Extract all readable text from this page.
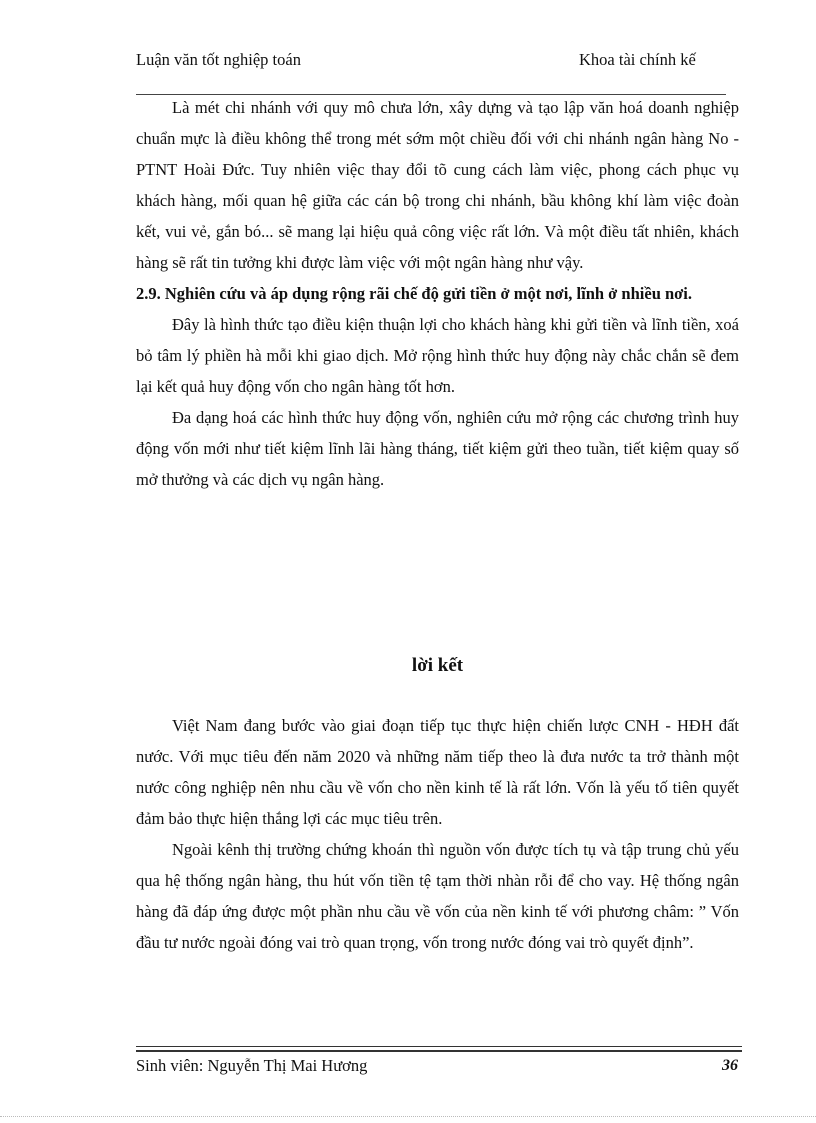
Luận văn tốt nghiệp toán	Khoa tài chính kế

Là mét chi nhánh với quy mô chưa lớn, xây dựng và tạo lập văn hoá doanh nghiệp chuẩn mực là điều không thể trong mét sớm một chiều đối với chi nhánh ngân hàng No - PTNT Hoài Đức. Tuy nhiên việc thay đổi tõ cung cách làm việc, phong cách phục vụ khách hàng, mối quan hệ giữa các cán bộ trong chi nhánh, bầu không khí làm việc đoàn kết, vui vẻ, gắn bó... sẽ mang lại hiệu quả công việc rất lớn. Và một điều tất nhiên, khách hàng sẽ rất tin tưởng khi được làm việc với một ngân hàng như vậy.

2.9. Nghiên cứu và áp dụng rộng rãi chế độ gửi tiền ở một nơi, lĩnh ở nhiều nơi.

Đây là hình thức tạo điều kiện thuận lợi cho khách hàng khi gửi tiền và lĩnh tiền, xoá bỏ tâm lý phiền hà mỗi khi giao dịch. Mở rộng hình thức huy động này chắc chắn sẽ đem lại kết quả huy động vốn cho ngân hàng tốt hơn.

Đa dạng hoá các hình thức huy động vốn, nghiên cứu mở rộng các chương trình huy động vốn mới như tiết kiệm lĩnh lãi hàng tháng, tiết kiệm gửi theo tuần, tiết kiệm quay số mở thưởng và các dịch vụ ngân hàng.

lời kết

Việt Nam đang bước vào giai đoạn tiếp tục thực hiện chiến lược CNH - HĐH đất nước. Với mục tiêu đến năm 2020 và những năm tiếp theo là đưa nước ta trở thành một nước công nghiệp nên nhu cầu về vốn cho nền kinh tế là rất lớn. Vốn là yếu tố tiên quyết đảm bảo thực hiện thắng lợi các mục tiêu trên.

Ngoài kênh thị trường chứng khoán thì nguồn vốn được tích tụ và tập trung chủ yếu qua hệ thống ngân hàng, thu hút vốn tiền tệ tạm thời nhàn rỗi để cho vay. Hệ thống ngân hàng đã đáp ứng được một phần nhu cầu về vốn của nền kinh tế với phương châm: ” Vốn đầu tư nước ngoài đóng vai trò quan trọng, vốn trong nước đóng vai trò quyết định”.

Sinh viên: Nguyễn Thị Mai Hương	36
